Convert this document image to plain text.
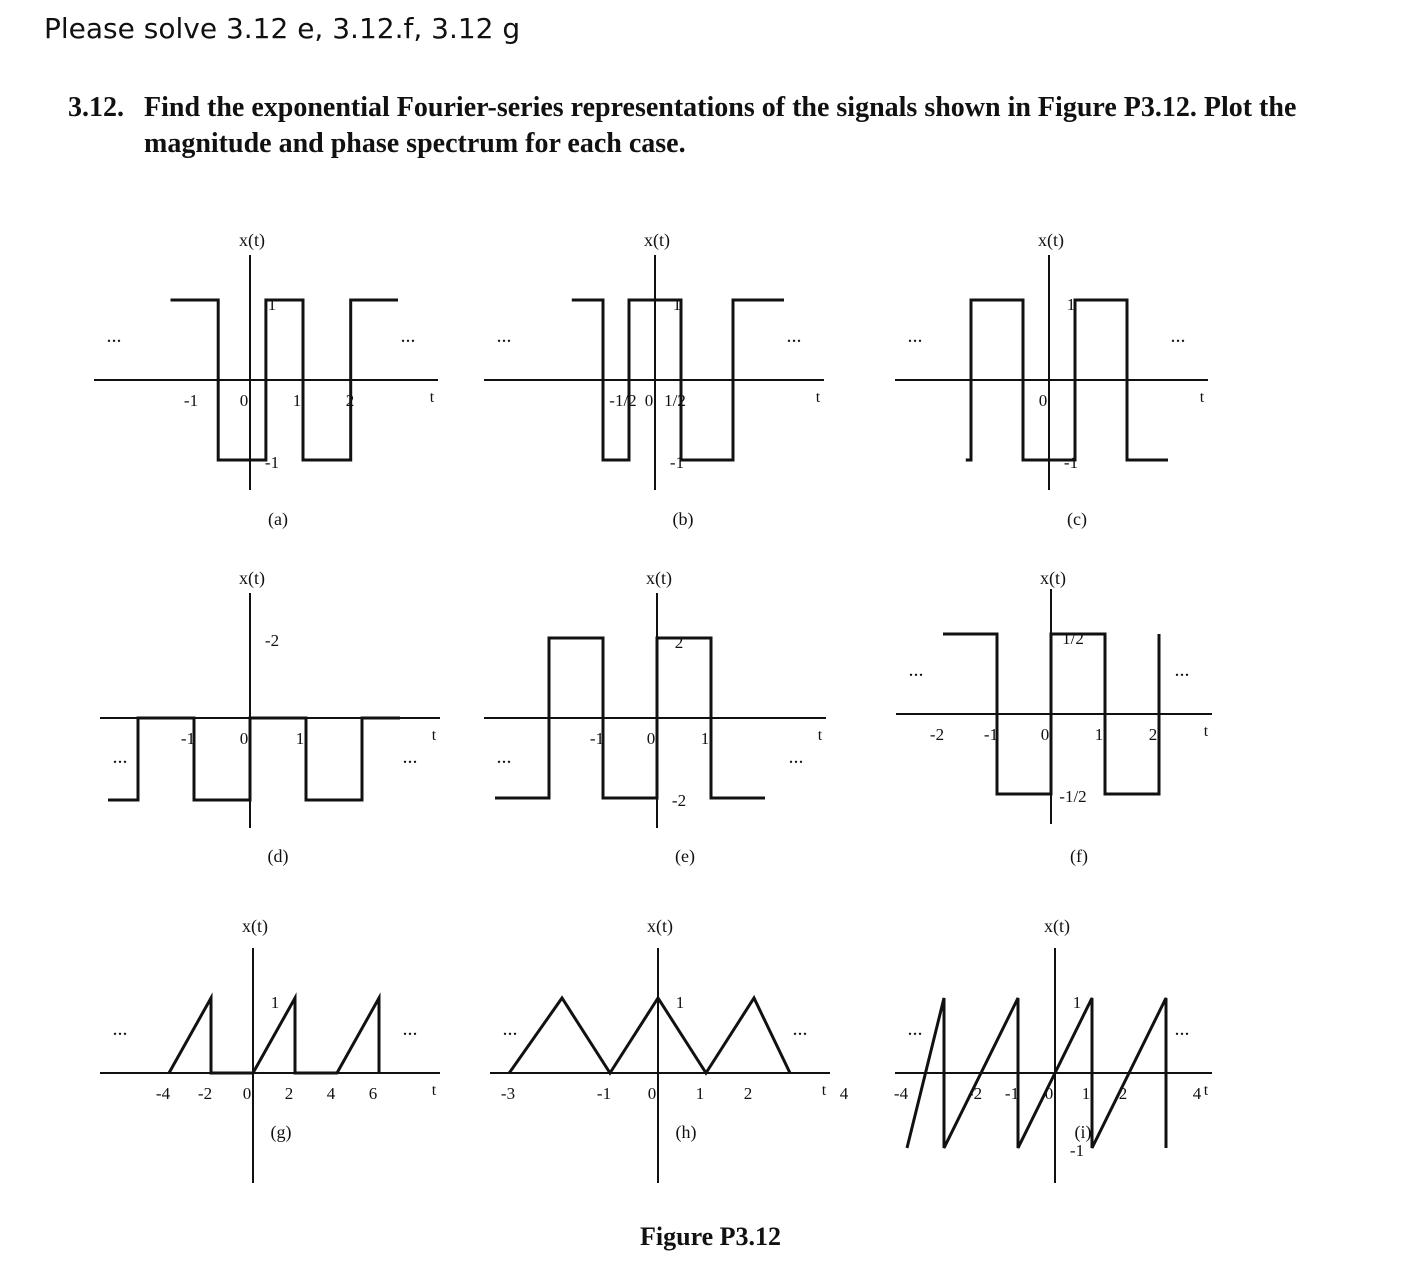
Please solve 3.12 e, 3.12.f, 3.12 g
3.12. Find the exponential Fourier-series representations of the signals shown in Figure P3.12. Plot the magnitude and phase spectrum for each case.
...	...
x(t)
t
(a)
-1 0	1	2
1
-1
...	...
x(t)
t
(b)
-1/2 0 1/2
1
-1
...	...
x(t)
t
(c)
0
1
-1
...	...
x(t)
t
(d)
-1	0	1
-2
...	...
x(t)
t
(e)
-1	0	1
2
-2
...	...
x(t)
t
(f)
-2 -1	0	1	2
1/2
-1/2
...	...
x(t)
t
(g)
-4 -2 0 2 4 6
1
...	...
x(t)
t
(h)
-3	-1 0 1 2	4
1
...	...
x(t)
t
(i)
-4	-2 -1 0 1 2	4
1
-1
Figure P3.12
